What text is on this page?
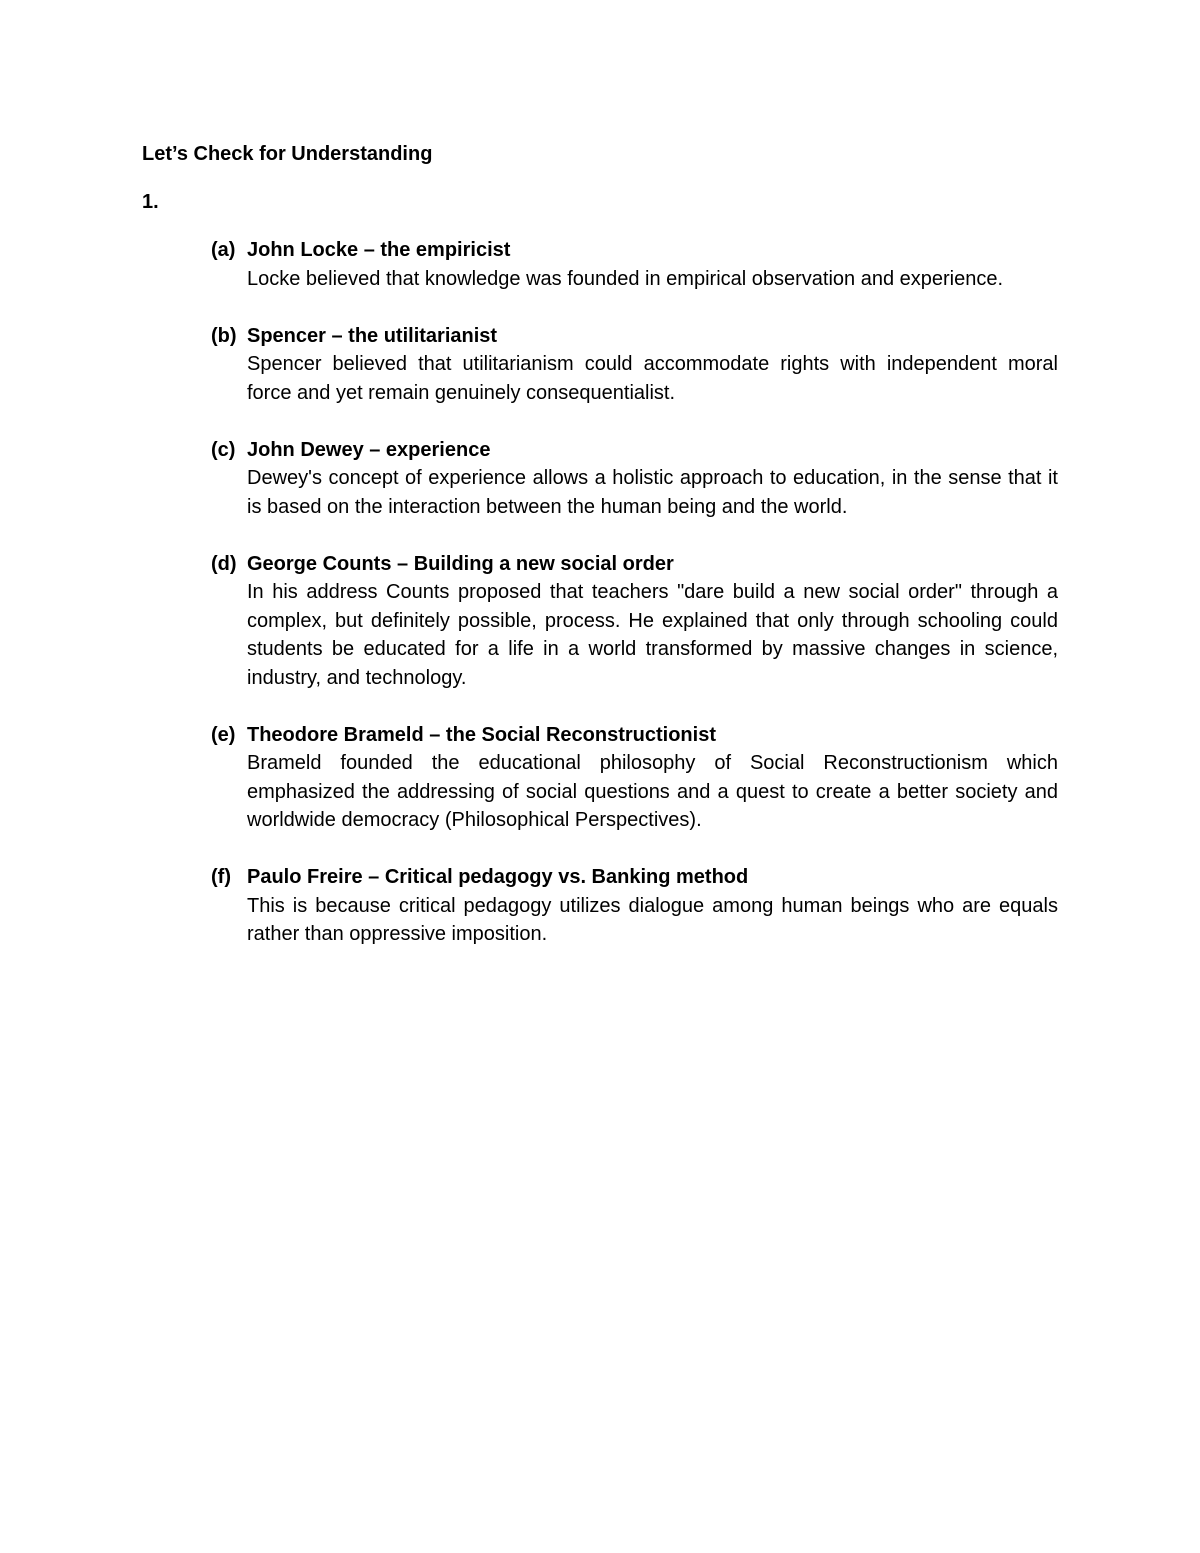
Let’s Check for Understanding
1.
(a) John Locke – the empiricist
Locke believed that knowledge was founded in empirical observation and experience.
(b) Spencer – the utilitarianist
Spencer believed that utilitarianism could accommodate rights with independent moral force and yet remain genuinely consequentialist.
(c) John Dewey – experience
Dewey's concept of experience allows a holistic approach to education, in the sense that it is based on the interaction between the human being and the world.
(d) George Counts – Building a new social order
In his address Counts proposed that teachers "dare build a new social order" through a complex, but definitely possible, process. He explained that only through schooling could students be educated for a life in a world transformed by massive changes in science, industry, and technology.
(e) Theodore Brameld – the Social Reconstructionist
Brameld founded the educational philosophy of Social Reconstructionism which emphasized the addressing of social questions and a quest to create a better society and worldwide democracy (Philosophical Perspectives).
(f) Paulo Freire – Critical pedagogy vs. Banking method
This is because critical pedagogy utilizes dialogue among human beings who are equals rather than oppressive imposition.
